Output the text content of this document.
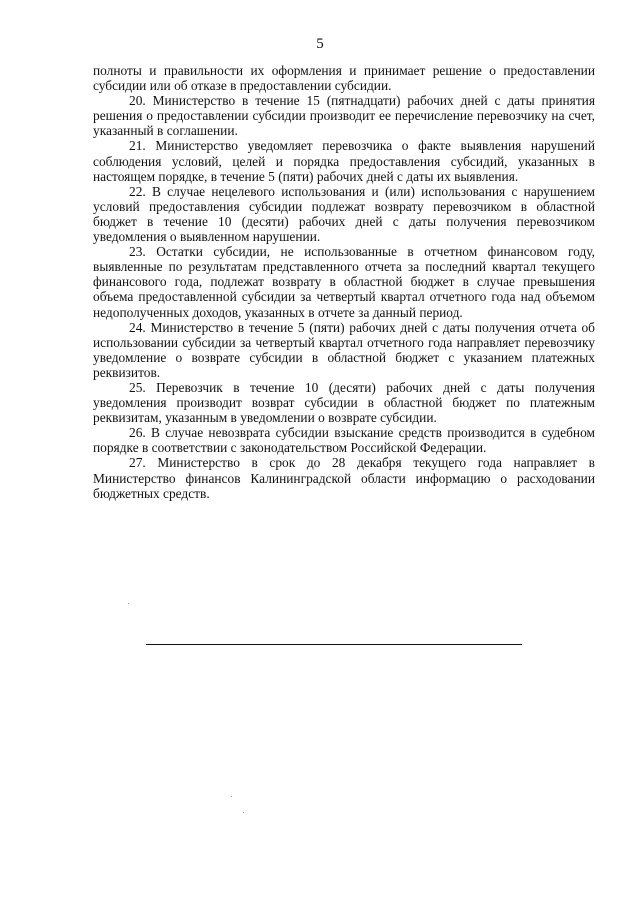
5

полноты и правильности их оформления и принимает решение о предоставлении субсидии или об отказе в предоставлении субсидии.

20. Министерство в течение 15 (пятнадцати) рабочих дней с даты принятия решения о предоставлении субсидии производит ее перечисление перевозчику на счет, указанный в соглашении.

21. Министерство уведомляет перевозчика о факте выявления нарушений соблюдения условий, целей и порядка предоставления субсидий, указанных в настоящем порядке, в течение 5 (пяти) рабочих дней с даты их выявления.

22. В случае нецелевого использования и (или) использования с нарушением условий предоставления субсидии подлежат возврату перевозчиком в областной бюджет в течение 10 (десяти) рабочих дней с даты получения перевозчиком уведомления о выявленном нарушении.

23. Остатки субсидии, не использованные в отчетном финансовом году, выявленные по результатам представленного отчета за последний квартал текущего финансового года, подлежат возврату в областной бюджет в случае превышения объема предоставленной субсидии за четвертый квартал отчетного года над объемом недополученных доходов, указанных в отчете за данный период.

24. Министерство в течение 5 (пяти) рабочих дней с даты получения отчета об использовании субсидии за четвертый квартал отчетного года направляет перевозчику уведомление о возврате субсидии в областной бюджет с указанием платежных реквизитов.

25. Перевозчик в течение 10 (десяти) рабочих дней с даты получения уведомления производит возврат субсидии в областной бюджет по платежным реквизитам, указанным в уведомлении о возврате субсидии.

26. В случае невозврата субсидии взыскание средств производится в судебном порядке в соответствии с законодательством Российской Федерации.

27. Министерство в срок до 28 декабря текущего года направляет в Министерство финансов Калининградской области информацию о расходовании бюджетных средств.
